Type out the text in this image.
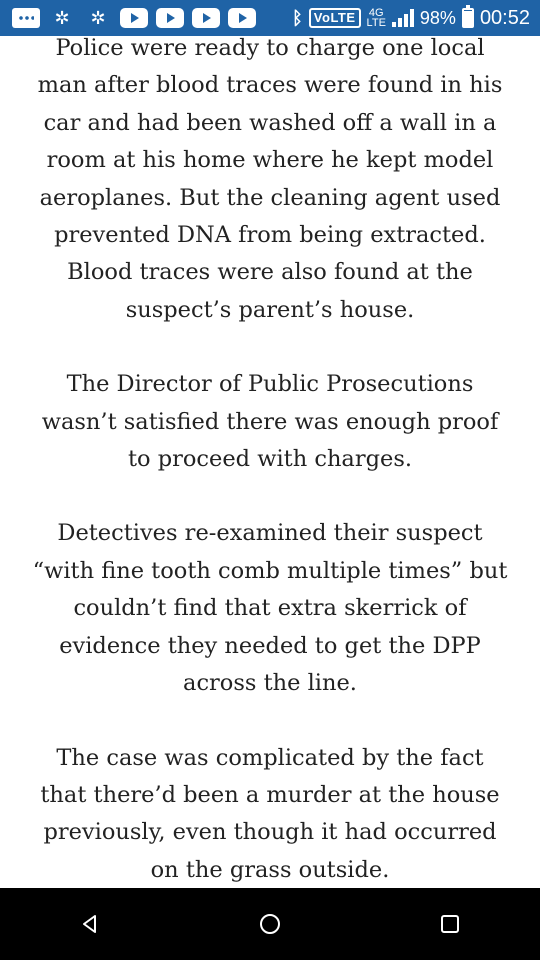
✲	✲	ᛒ VoLTE	4G
LTE 98% 00:52

Police were ready to charge one local man after blood traces were found in his car and had been washed off a wall in a room at his home where he kept model aeroplanes. But the cleaning agent used prevented DNA from being extracted. Blood traces were also found at the suspect’s parent’s house.

The Director of Public Prosecutions wasn’t satisfied there was enough proof to proceed with charges.

Detectives re-examined their suspect “with fine tooth comb multiple times” but couldn’t find that extra skerrick of evidence they needed to get the DPP across the line.

The case was complicated by the fact that there’d been a murder at the house previously, even though it had occurred on the grass outside.
